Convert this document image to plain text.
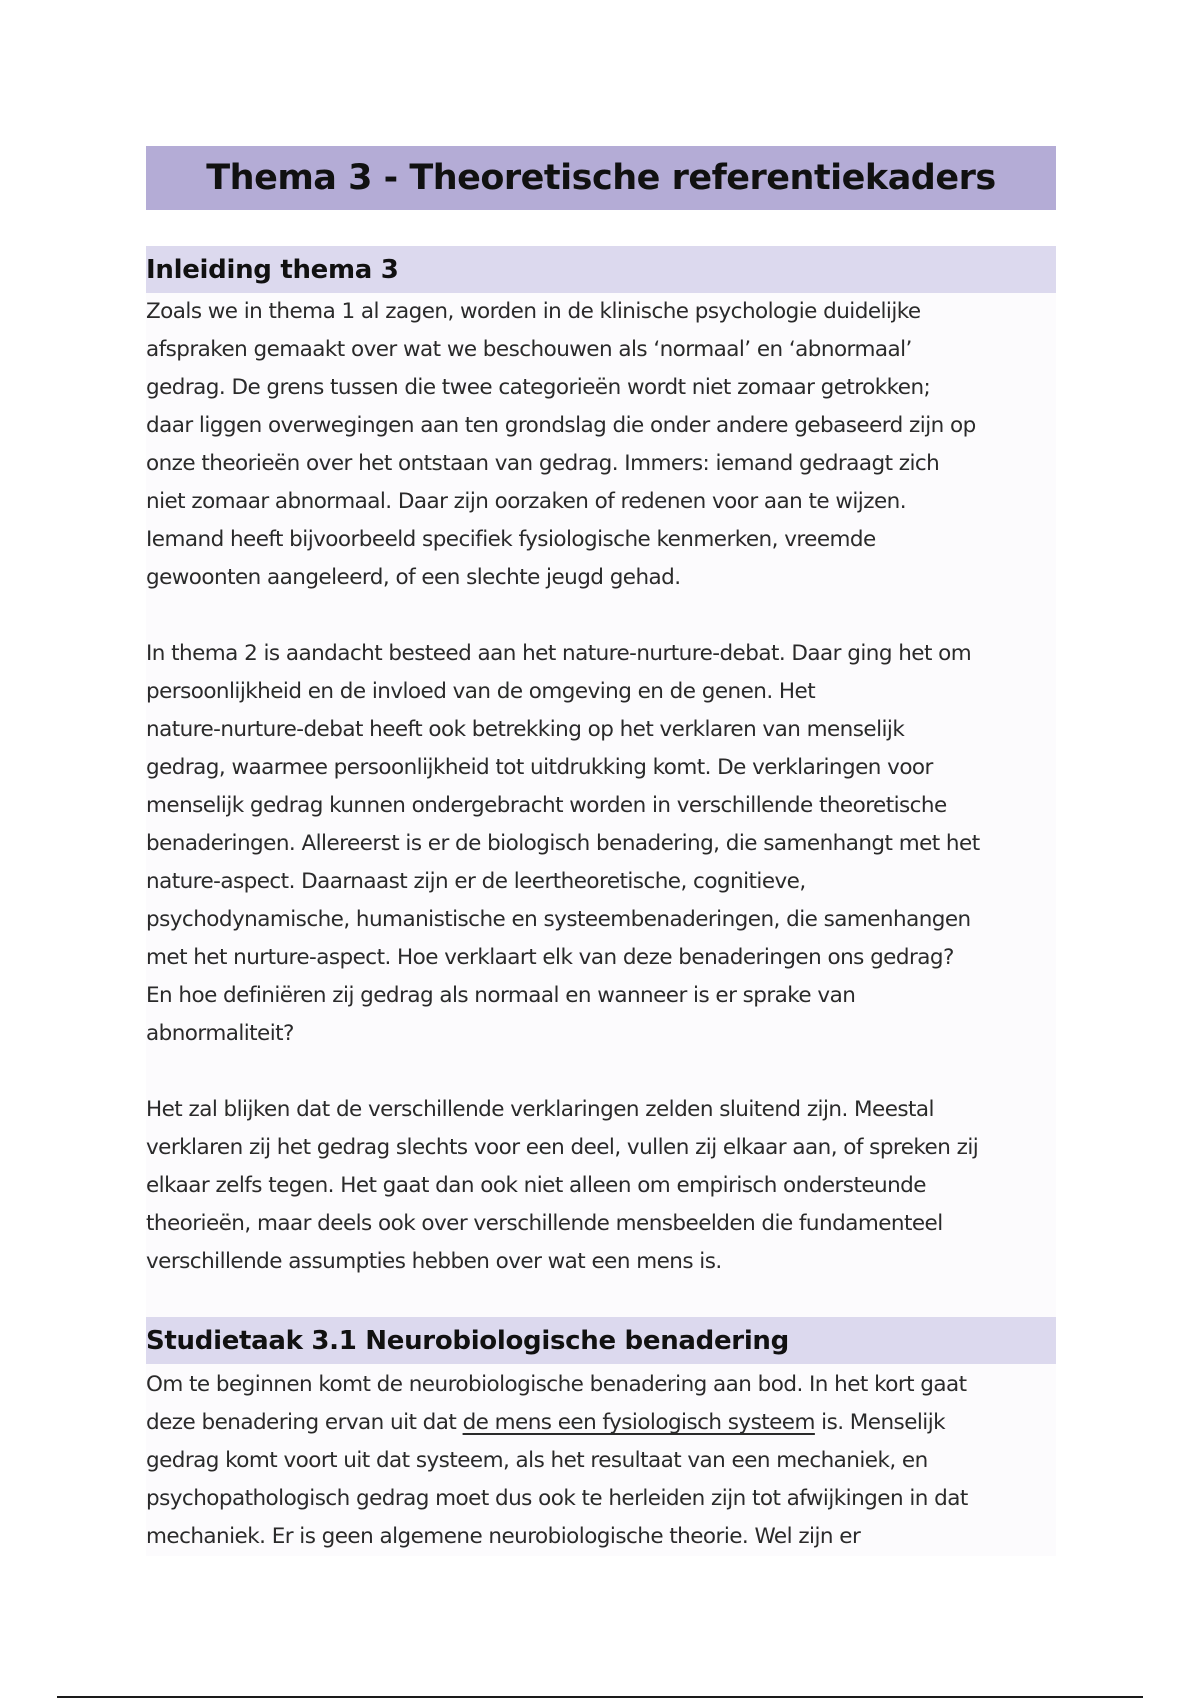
Thema 3 - Theoretische referentiekaders
Inleiding thema 3

Zoals we in thema 1 al zagen, worden in de klinische psychologie duidelijke
afspraken gemaakt over wat we beschouwen als ‘normaal’ en ‘abnormaal’
gedrag. De grens tussen die twee categorieën wordt niet zomaar getrokken;
daar liggen overwegingen aan ten grondslag die onder andere gebaseerd zijn op
onze theorieën over het ontstaan van gedrag. Immers: iemand gedraagt zich
niet zomaar abnormaal. Daar zijn oorzaken of redenen voor aan te wijzen.
Iemand heeft bijvoorbeeld specifiek fysiologische kenmerken, vreemde
gewoonten aangeleerd, of een slechte jeugd gehad.

In thema 2 is aandacht besteed aan het nature-nurture-debat. Daar ging het om
persoonlijkheid en de invloed van de omgeving en de genen. Het
nature-nurture-debat heeft ook betrekking op het verklaren van menselijk
gedrag, waarmee persoonlijkheid tot uitdrukking komt. De verklaringen voor
menselijk gedrag kunnen ondergebracht worden in verschillende theoretische
benaderingen. Allereerst is er de biologisch benadering, die samenhangt met het
nature-aspect. Daarnaast zijn er de leertheoretische, cognitieve,
psychodynamische, humanistische en systeembenaderingen, die samenhangen
met het nurture-aspect. Hoe verklaart elk van deze benaderingen ons gedrag?
En hoe definiëren zij gedrag als normaal en wanneer is er sprake van
abnormaliteit?

Het zal blijken dat de verschillende verklaringen zelden sluitend zijn. Meestal
verklaren zij het gedrag slechts voor een deel, vullen zij elkaar aan, of spreken zij
elkaar zelfs tegen. Het gaat dan ook niet alleen om empirisch ondersteunde
theorieën, maar deels ook over verschillende mensbeelden die fundamenteel
verschillende assumpties hebben over wat een mens is.

Studietaak 3.1 Neurobiologische benadering

Om te beginnen komt de neurobiologische benadering aan bod. In het kort gaat
deze benadering ervan uit dat de mens een fysiologisch systeem is. Menselijk
gedrag komt voort uit dat systeem, als het resultaat van een mechaniek, en
psychopathologisch gedrag moet dus ook te herleiden zijn tot afwijkingen in dat
mechaniek. Er is geen algemene neurobiologische theorie. Wel zijn er
